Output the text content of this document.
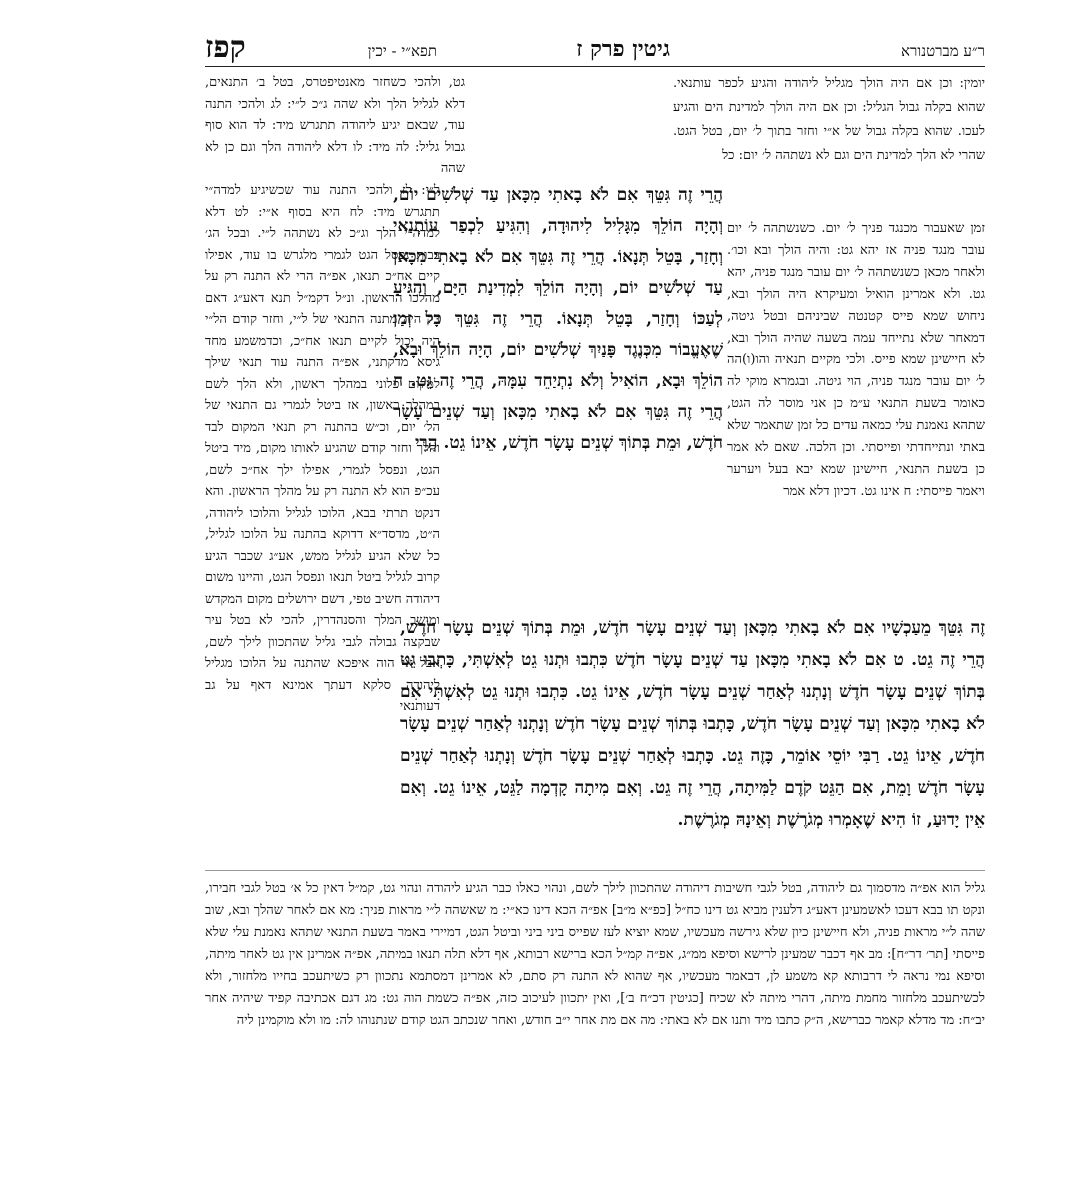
ר״ע מברטנורא
גיטין פרק ז
תפא״י - יכין
קפז

יומין: וכן אם היה הולך מגליל ליהודה והגיע לכפר עותנאי. שהוא בקלה גבול הגליל: וכן אם היה הולך למדינת הים והגיע לעכו. שהוא בקלה גבול של א״י וחזר בתוך ל׳ יום, בטל הגט. שהרי לא הלך למדינת הים וגם לא נשתהה ל׳ יום: כל

זמן שאעבור מכנגד פניך ל׳ יום. כשנשתהה ל׳ יום עובר מנגד פניה אז יהא גט: והיה הולך ובא וכו׳. ולאחר מכאן כשנשתהה ל׳ יום עובר מנגד פניה, יהא גט. ולא אמרינן הואיל ומעיקרא היה הולך ובא, ניחוש שמא פייס קטנטה שביניהם ובטל גיטה, דמאחר שלא נתייחד עמה בשעה שהיה הולך ובא, לא חיישינן שמא פייס. ולכי מקיים תנאיה והו(ו)הה ל׳ יום עובר מנגד פניה, הוי גיטה. ובגמרא מוקי לה כאומר בשעת התנאי ע״מ כן אני מוסר לה הגט, שתהא נאמנת עלי כמאה עדים כל זמן שתאמר שלא באתי ונתייחדתי ופייסתי. וכן הלכה. שאם לא אמר כן בשעת התנאי, חיישינן שמא יבא בעל ויערער ויאמר פייסתי: ח אינו גט. דכיון דלא אמר

הֲרֵי זֶה גִּטֵּךְ אִם לֹא בָאתִי מִכָּאן עַד שְׁלֹשִׁים יוֹם, וְהָיָה הוֹלֵךְ מִגָּלִיל לִיהוּדָה, וְהִגִּיעַ לִכְפַר עוֹתְנַאי וְחָזַר, בָּטֵל תְּנָאוֹ. הֲרֵי זֶה גִּטֵּךְ אִם לֹא בָאתִי מִכָּאן עַד שְׁלֹשִׁים יוֹם, וְהָיָה הוֹלֵךְ לִמְדִינַת הַיָּם, וְהִגִּיעַ לְעַכּוֹ וְחָזַר, בָּטֵל תְּנָאוֹ. הֲרֵי זֶה גִּטֵּךְ כָּל זְמַן שֶׁאֶעֱבוֹר מִכְּנֶגֶד פָּנַיִךְ שְׁלֹשִׁים יוֹם, הָיָה הוֹלֵךְ וּבָא, הוֹלֵךְ וּבָא, הוֹאִיל וְלֹא נִתְיַחֵד עִמָּהּ, הֲרֵי זֶה גֵּט. ח הֲרֵי זֶה גִּטֵּךְ אִם לֹא בָאתִי מִכָּאן וְעַד שְׁנֵים עָשָׂר חֹדֶשׁ, וּמֵת בְּתוֹךְ שְׁנֵים עָשָׂר חֹדֶשׁ, אֵינוֹ גֵט. הֲרֵי

גט, ולהכי כשחזר מאנטיפטרס, בטל ב׳ התנאים, דלא לגליל הלך ולא שהה ג״כ ל״י: לג ולהכי התנה עוד, שבאם יגיע ליהודה תתגרש מיד: לד הוא סוף גבול גליל: לה מיד: לו דלא ליהודה הלך וגם כן לא שהה

ל״י: לז ולהכי התנה עוד שכשיגיע למדה״י תתגרש מיד: לח היא בסוף א״י: לט דלא למדה״י הלך וג״כ לא נשתהה ל״י. ובכל הג׳ בבות נפסל הגט לגמרי מלגרש בו עוד, אפילו קיים אח״כ תנאו, אפ״ה הרי לא התנה רק על מהלכו הראשון. ונ״ל דקמ״ל תנא דאע״ג דאם רק היה מתנה התנאי של ל״י, וחזר קודם הל״י היה יכול לקיים תנאו אח״כ, וכדמשמע מחד גיסא מדקתני, אפ״ה התנה עוד תנאי שילך למקום פלוני במהלך ראשון, ולא הלך לשם במהלך ראשון, אז ביטל לגמרי גם התנאי של הל׳ יום, וכ״ש בהתנה רק תנאי המקום לבד והלך וחזר קודם שהגיע לאותו מקום, מיד ביטל הגט, ונפסל לגמרי, אפילו ילך אח״כ לשם, עכ״פ הוא לא התנה רק על מהלך הראשון. והא דנקט תרתי בבא, הלוכו לגליל והלוכו ליהודה, ה״ט, מדסד״א דדוקא בהתנה על הלוכו לגליל, כל שלא הגיע לגליל ממש, אע״ג שכבר הגיע קרוב לגליל ביטל תנאו ונפסל הגט, והיינו משום דיהודה חשיב טפי, דשם ירושלים מקום המקדש ומושב המלך והסנהדרין, להכי לא בטל עיר שבקצה גבולה לגבי גליל שהתכוון לילך לשם, אבל אי הוה איפכא שהתנה על הלוכו מגליל ליהודה, סלקא דעתך אמינא דאף על גב דעותנאי

זֶה גִּטֵּךְ מֵעַכְשָׁיו אִם לֹא בָאתִי מִכָּאן וְעַד שְׁנֵים עָשָׂר חֹדֶשׁ, וּמֵת בְּתוֹךְ שְׁנֵים עָשָׂר חֹדֶשׁ, הֲרֵי זֶה גֵט. ט אִם לֹא בָאתִי מִכָּאן עַד שְׁנֵים עָשָׂר חֹדֶשׁ כִּתְבוּ וּתְנוּ גֵט לְאִשְׁתִּי, כָּתְבוּ גֵט בְּתוֹךְ שְׁנֵים עָשָׂר חֹדֶשׁ וְנָתְנוּ לְאַחַר שְׁנֵים עָשָׂר חֹדֶשׁ, אֵינוֹ גֵט. כִּתְבוּ וּתְנוּ גֵט לְאִשְׁתִּי אִם לֹא בָאתִי מִכָּאן וְעַד שְׁנֵים עָשָׂר חֹדֶשׁ, כָּתְבוּ בְּתוֹךְ שְׁנֵים עָשָׂר חֹדֶשׁ וְנָתְנוּ לְאַחַר שְׁנֵים עָשָׂר חֹדֶשׁ, אֵינוֹ גֵט. רַבִּי יוֹסֵי אוֹמֵר, כָּזֶה גֵט. כָּתְבוּ לְאַחַר שְׁנֵים עָשָׂר חֹדֶשׁ וְנָתְנוּ לְאַחַר שְׁנֵים עָשָׂר חֹדֶשׁ וָמֵת, אִם הַגֵּט קֹדֶם לַמִּיתָה, הֲרֵי זֶה גֵט. וְאִם מִיתָה קָדְמָה לַגֵּט, אֵינוֹ גֵט. וְאִם אֵין יָדוּעַ, זוֹ הִיא שֶׁאָמְרוּ מְגֹרֶשֶׁת וְאֵינָהּ מְגֹרֶשֶׁת.

גליל הוא אפ״ה מדסמוך גם ליהודה, בטל לגבי חשיבות דיהודה שהתכוון לילך לשם, ונהוי כאלו כבר הגיע ליהודה ונהוי גט, קמ״ל דאין כל א׳ בטל לגבי חבירו, ונקט תו בבא דעכו לאשמעינן דאע״ג דלענין מביא גט דינו כח״ל [כפ״א מ״ב] אפ״ה הכא דינו כא״י: מ שאשהה ל״י מראות פניך: מא אם לאחר שהלך ובא, שוב שהה ל״י מראות פניה, ולא חיישינן כיון שלא גירשה מעכשיו, שמא יוציא לעז שפייס ביני ביני וביטל הגט, דמיירי באמר בשעת התנאי שתהא נאמנת עלי שלא פייסתי [תר׳ דר״ח]: מב אף דכבר שמעינן לרישא וסיפא ממ״ג, אפ״ה קמ״ל הכא ברישא רבותא, אף דלא תלה תנאו במיתה, אפ״ה אמרינן אין גט לאחר מיתה, וסיפא נמי נראה לי דרבותא קא משמע לן, דבאמר מעכשיו, אף שהוא לא התנה רק סתם, לא אמרינן דמסתמא נתכוון רק כשיתעכב בחייו מלחזור, ולא לכשיתעכב מלחזור מחמת מיתה, דהרי מיתה לא שכיח [כגיטין דכ״ח ב׳], ואין יתכוון לעיכוב כזה, אפ״ה כשמת הוה גט: מג דגם אכתיבה קפיד שיהיה אחר יב״ח: מד מדלא קאמר כברישא, ה״ק כתבו מיד ותנו אם לא באתי: מה אם מת אחר י״ב חודש, ואחר שנכתב הגט קודם שנתנוהו לה: מו ולא מוקמינן ליה
